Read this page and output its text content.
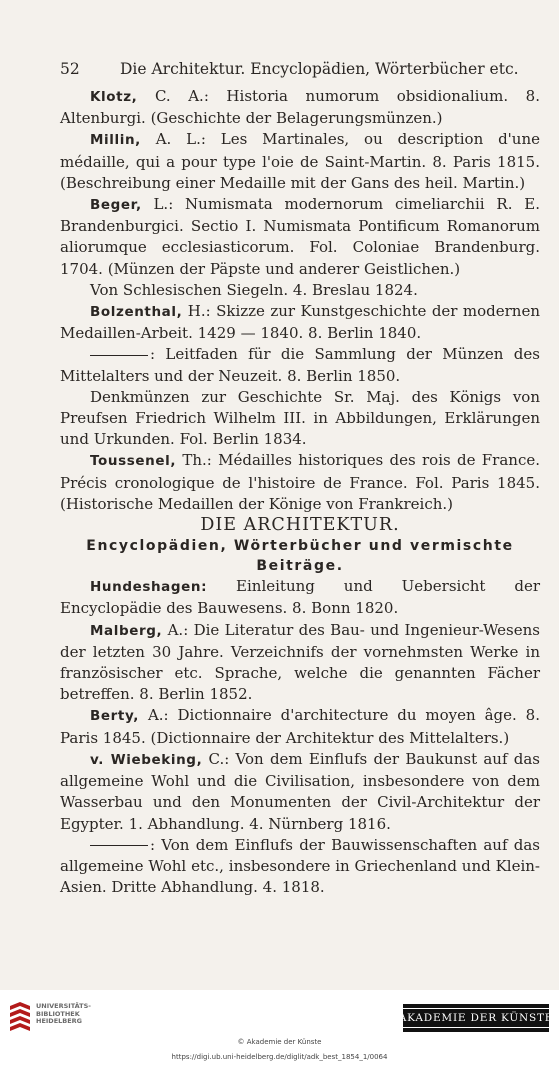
52	Die Architektur. Encyclopädien, Wörterbücher etc.

Klotz, C. A.: Historia numorum obsidionalium. 8. Altenburgi. (Geschichte der Belagerungsmünzen.)

Millin, A. L.: Les Martinales, ou description d'une médaille, qui a pour type l'oie de Saint-Martin. 8. Paris 1815. (Beschreibung einer Medaille mit der Gans des heil. Martin.)

Beger, L.: Numismata modernorum cimeliarchii R. E. Brandenburgici. Sectio I. Numismata Pontificum Romanorum aliorumque ecclesiasticorum. Fol. Coloniae Brandenburg. 1704. (Münzen der Päpste und anderer Geistlichen.)

Von Schlesischen Siegeln. 4. Breslau 1824.

Bolzenthal, H.: Skizze zur Kunstgeschichte der modernen Medaillen-Arbeit. 1429 — 1840. 8. Berlin 1840.

: Leitfaden für die Sammlung der Münzen des Mittelalters und der Neuzeit. 8. Berlin 1850.

Denkmünzen zur Geschichte Sr. Maj. des Königs von Preufsen Friedrich Wilhelm III. in Abbildungen, Erklärungen und Urkunden. Fol. Berlin 1834.

Toussenel, Th.: Médailles historiques des rois de France. Précis cronologique de l'histoire de France. Fol. Paris 1845. (Historische Medaillen der Könige von Frankreich.)

DIE ARCHITEKTUR.

Encyclopädien, Wörterbücher und vermischte
Beiträge.

Hundeshagen: Einleitung und Uebersicht der Encyclopädie des Bauwesens. 8. Bonn 1820.

Malberg, A.: Die Literatur des Bau- und Ingenieur-Wesens der letzten 30 Jahre. Verzeichnifs der vornehmsten Werke in französischer etc. Sprache, welche die genannten Fächer betreffen. 8. Berlin 1852.

Berty, A.: Dictionnaire d'architecture du moyen âge. 8. Paris 1845. (Dictionnaire der Architektur des Mittelalters.)

v. Wiebeking, C.: Von dem Einflufs der Baukunst auf das allgemeine Wohl und die Civilisation, insbesondere von dem Wasserbau und den Monumenten der Civil-Architektur der Egypter. 1. Abhandlung. 4. Nürnberg 1816.

: Von dem Einflufs der Bauwissenschaften auf das allgemeine Wohl etc., insbesondere in Griechenland und Klein-Asien. Dritte Abhandlung. 4. 1818.

UNIVERSITÄTS-BIBLIOTHEK HEIDELBERG	AKADEMIE DER KÜNSTE
© Akademie der Künste
https://digi.ub.uni-heidelberg.de/diglit/adk_best_1854_1/0064
